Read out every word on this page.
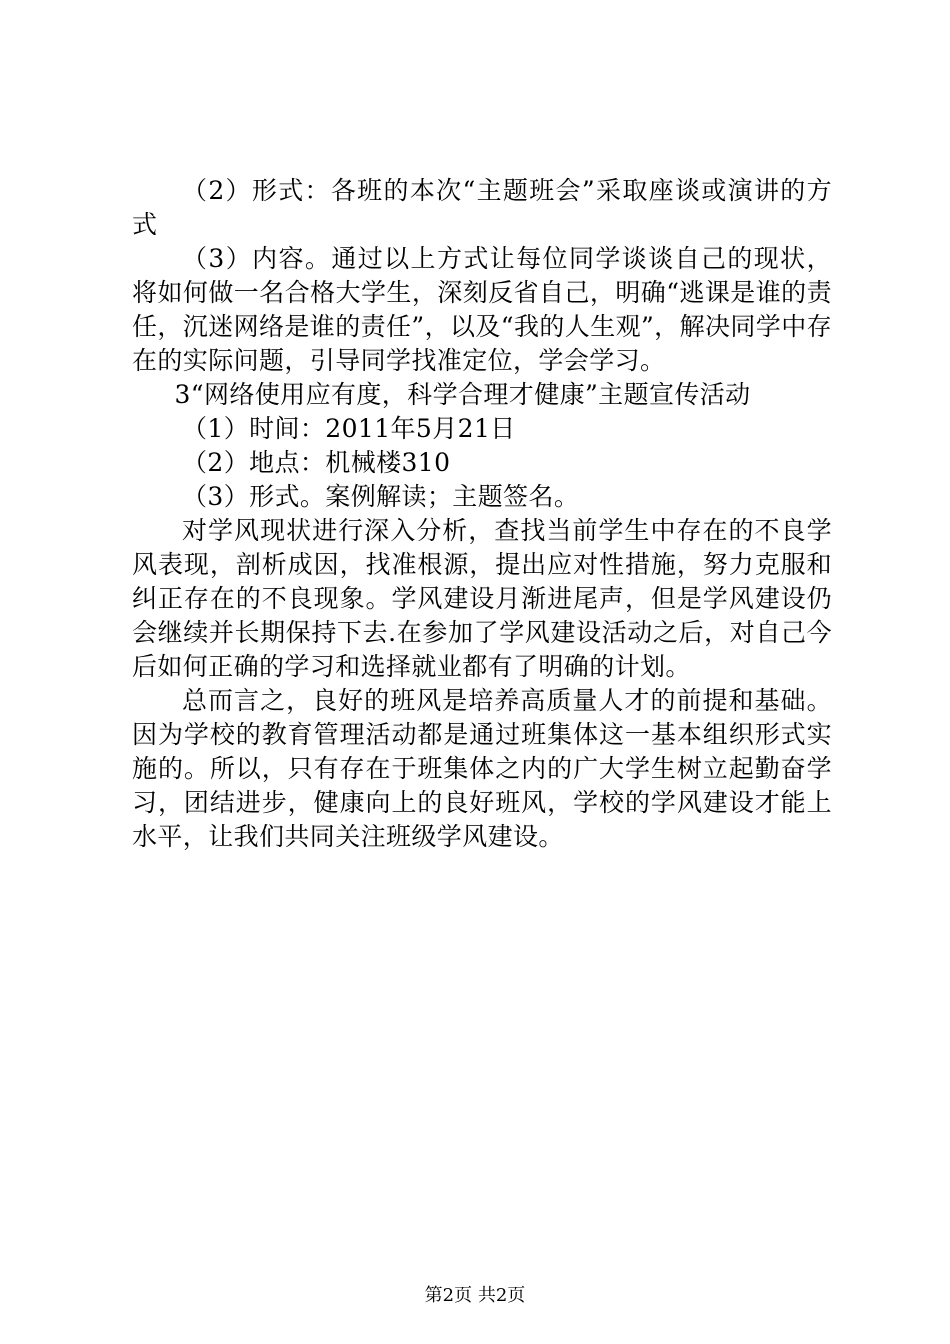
（2）形式：各班的本次“主题班会”采取座谈或演讲的方式

（3）内容。通过以上方式让每位同学谈谈自己的现状，将如何做一名合格大学生，深刻反省自己，明确“逃课是谁的责任，沉迷网络是谁的责任”，以及“我的人生观”，解决同学中存在的实际问题，引导同学找准定位，学会学习。

3“网络使用应有度，科学合理才健康”主题宣传活动

（1）时间：2011年5月21日

（2）地点：机械楼310

（3）形式。案例解读；主题签名。

对学风现状进行深入分析，查找当前学生中存在的不良学风表现，剖析成因，找准根源，提出应对性措施，努力克服和纠正存在的不良现象。学风建设月渐进尾声，但是学风建设仍会继续并长期保持下去.在参加了学风建设活动之后，对自己今后如何正确的学习和选择就业都有了明确的计划。

总而言之，良好的班风是培养高质量人才的前提和基础。因为学校的教育管理活动都是通过班集体这一基本组织形式实施的。所以，只有存在于班集体之内的广大学生树立起勤奋学习，团结进步，健康向上的良好班风，学校的学风建设才能上水平，让我们共同关注班级学风建设。

第2页 共2页
